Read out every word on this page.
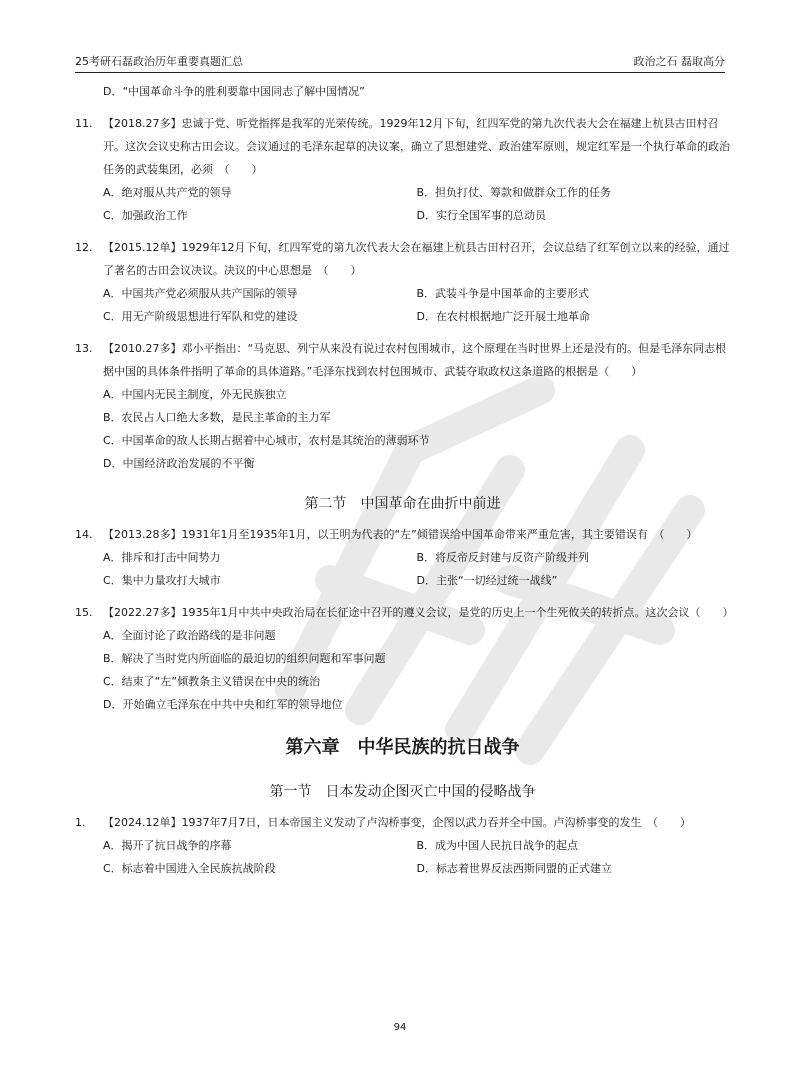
25考研石磊政治历年重要真题汇总	政治之石 磊取高分
D．“中国革命斗争的胜利要靠中国同志了解中国情况”
11. 【2018.27多】忠诚于党、听党指挥是我军的光荣传统。1929年12月下旬，红四军党的第九次代表大会在福建上杭县古田村召开。这次会议史称古田会议。会议通过的毛泽东起草的决议案，确立了思想建党、政治建军原则，规定红军是一个执行革命的政治任务的武装集团，必须　（　　）
A．绝对服从共产党的领导	B．担负打仗、筹款和做群众工作的任务
C．加强政治工作	D．实行全国军事的总动员
12. 【2015.12单】1929年12月下旬，红四军党的第九次代表大会在福建上杭县古田村召开，会议总结了红军创立以来的经验，通过了著名的古田会议决议。决议的中心思想是　（　　）
A．中国共产党必须服从共产国际的领导	B．武装斗争是中国革命的主要形式
C．用无产阶级思想进行军队和党的建设	D．在农村根据地广泛开展土地革命
13. 【2010.27多】邓小平指出：“马克思、列宁从来没有说过农村包围城市，这个原理在当时世界上还是没有的。但是毛泽东同志根据中国的具体条件指明了革命的具体道路。”毛泽东找到农村包围城市、武装夺取政权这条道路的根据是（　　）
A．中国内无民主制度，外无民族独立
B．农民占人口绝大多数，是民主革命的主力军
C．中国革命的敌人长期占据着中心城市，农村是其统治的薄弱环节
D．中国经济政治发展的不平衡
第二节　中国革命在曲折中前进
14. 【2013.28多】1931年1月至1935年1月，以王明为代表的“左”倾错误给中国革命带来严重危害，其主要错误有　（　　）
A．排斥和打击中间势力	B．将反帝反封建与反资产阶级并列
C．集中力量攻打大城市	D．主张“一切经过统一战线”
15. 【2022.27多】1935年1月中共中央政治局在长征途中召开的遵义会议，是党的历史上一个生死攸关的转折点。这次会议（　　）
A．全面讨论了政治路线的是非问题
B．解决了当时党内所面临的最迫切的组织问题和军事问题
C．结束了“左”倾教条主义错误在中央的统治
D．开始确立毛泽东在中共中央和红军的领导地位
第六章　中华民族的抗日战争
第一节　日本发动企图灭亡中国的侵略战争
1. 【2024.12单】1937年7月7日，日本帝国主义发动了卢沟桥事变，企图以武力吞并全中国。卢沟桥事变的发生　（　　）
A．揭开了抗日战争的序幕	B．成为中国人民抗日战争的起点
C．标志着中国进入全民族抗战阶段	D．标志着世界反法西斯同盟的正式建立
94
